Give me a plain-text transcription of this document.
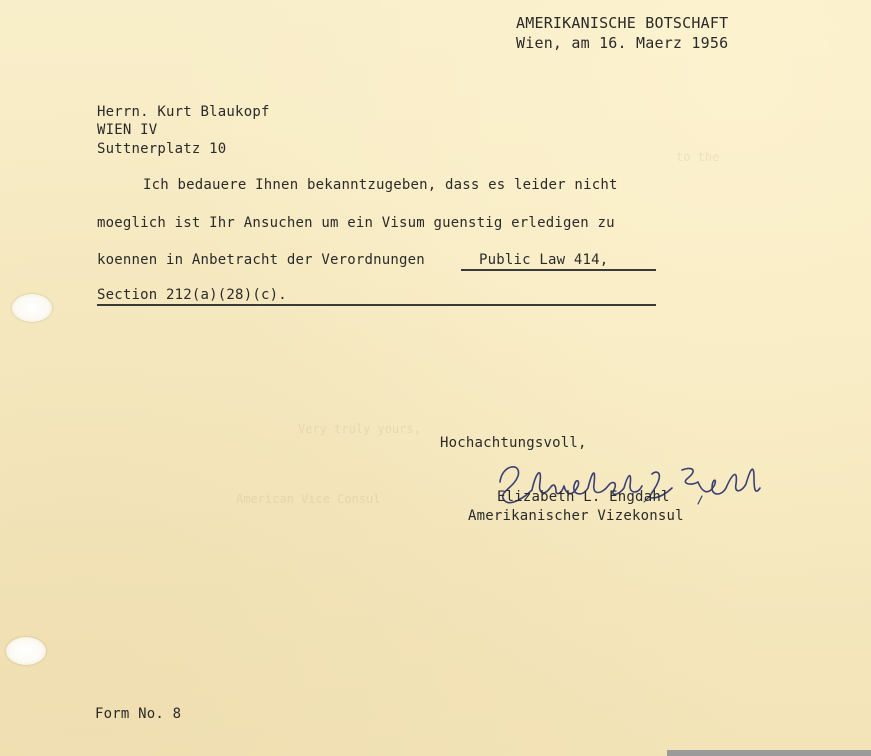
Very truly yours,
American Vice Consul
to the
AMERIKANISCHE BOTSCHAFT
Wien, am 16. Maerz 1956
Herrn. Kurt Blaukopf
WIEN IV
Suttnerplatz 10
Ich bedauere Ihnen bekanntzugeben, dass es leider nicht
moeglich ist Ihr Ansuchen um ein Visum guenstig erledigen zu
koennen in Anbetracht der Verordnungen	Public Law 414,
Section 212(a)(28)(c).
Hochachtungsvoll,
Elizabeth L. Engdahl
Amerikanischer Vizekonsul
Form No. 8
